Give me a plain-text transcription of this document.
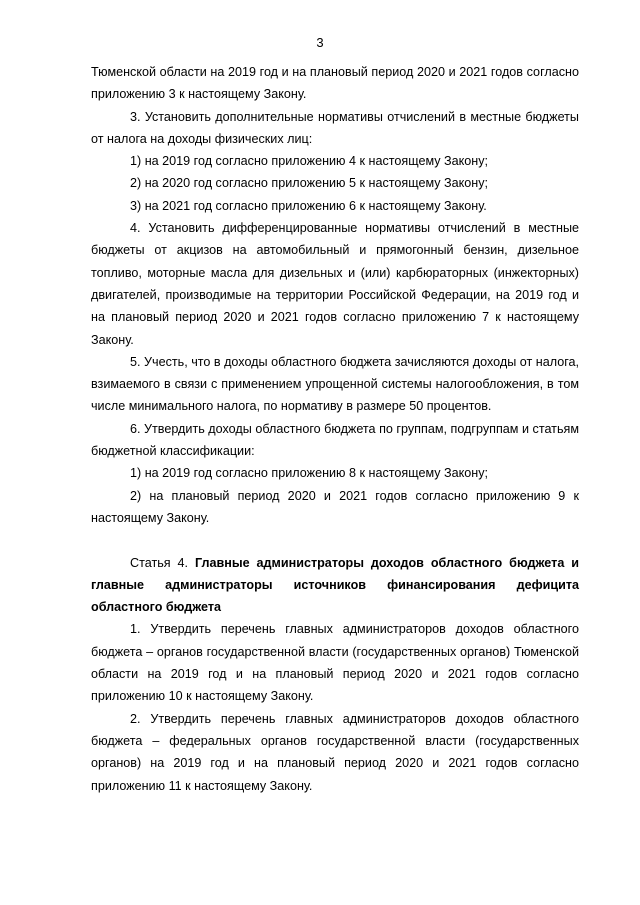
3

Тюменской области на 2019 год и на плановый период 2020 и 2021 годов согласно приложению 3 к настоящему Закону.

3. Установить дополнительные нормативы отчислений в местные бюджеты от налога на доходы физических лиц:

1) на 2019 год согласно приложению 4 к настоящему Закону;

2) на 2020 год согласно приложению 5 к настоящему Закону;

3) на 2021 год согласно приложению 6 к настоящему Закону.

4. Установить дифференцированные нормативы отчислений в местные бюджеты от акцизов на автомобильный и прямогонный бензин, дизельное топливо, моторные масла для дизельных и (или) карбюраторных (инжекторных) двигателей, производимые на территории Российской Федерации, на 2019 год и на плановый период 2020 и 2021 годов согласно приложению 7 к настоящему Закону.

5. Учесть, что в доходы областного бюджета зачисляются доходы от налога, взимаемого в связи с применением упрощенной системы налогообложения, в том числе минимального налога, по нормативу в размере 50 процентов.

6. Утвердить доходы областного бюджета по группам, подгруппам и статьям бюджетной классификации:

1) на 2019 год согласно приложению 8 к настоящему Закону;

2) на плановый период 2020 и 2021 годов согласно приложению 9 к настоящему Закону.

Статья 4. Главные администраторы доходов областного бюджета и главные администраторы источников финансирования дефицита областного бюджета

1. Утвердить перечень главных администраторов доходов областного бюджета – органов государственной власти (государственных органов) Тюменской области на 2019 год и на плановый период 2020 и 2021 годов согласно приложению 10 к настоящему Закону.

2. Утвердить перечень главных администраторов доходов областного бюджета – федеральных органов государственной власти (государственных органов) на 2019 год и на плановый период 2020 и 2021 годов согласно приложению 11 к настоящему Закону.
